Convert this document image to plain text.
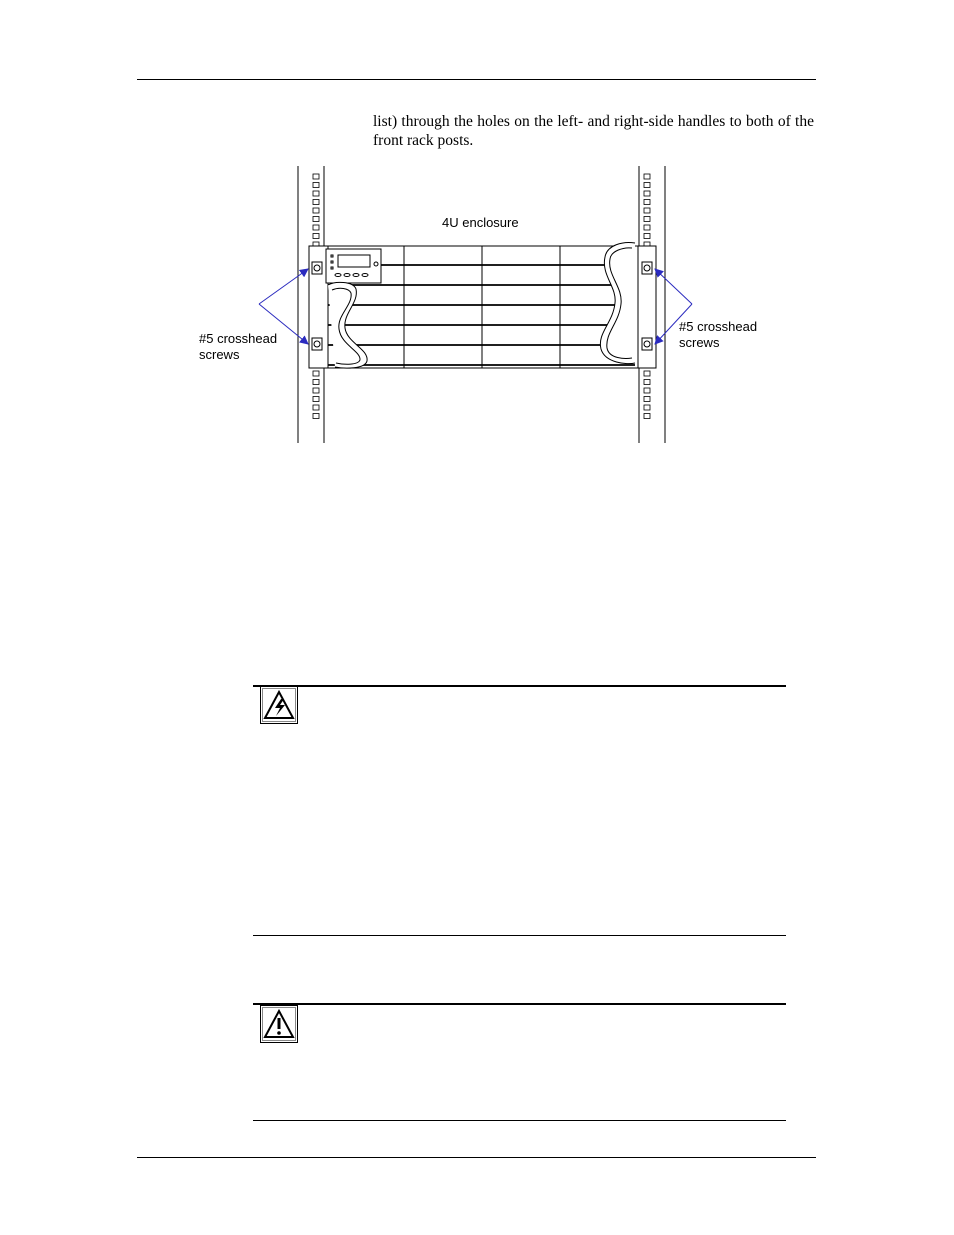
list) through the holes on the left- and right-side handles to both of the front rack posts.

4U enclosure
#5 crosshead
screws
#5 crosshead
screws
